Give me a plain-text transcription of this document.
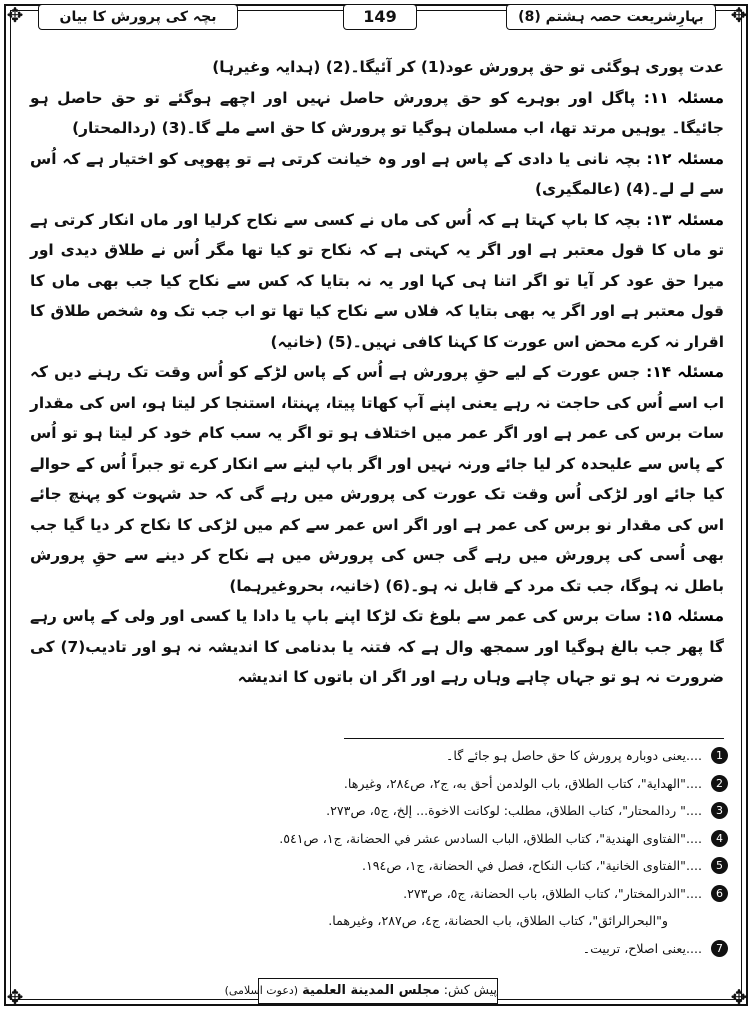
✥	✥
✥	✥
بہارِشریعت حصہ ہشتم (8)
149
بچہ کی پرورش کا بیان

عدت پوری ہوگئی تو حق پرورش عود(1) کر آئیگا۔(2) (ہدایہ وغیرہا)

مسئلہ ۱۱: پاگل اور بوہرے کو حق پرورش حاصل نہیں اور اچھے ہوگئے تو حق حاصل ہو جائیگا۔ یوہیں مرتد تھا، اب مسلمان ہوگیا تو پرورش کا حق اسے ملے گا۔(3) (ردالمحتار)

مسئلہ ۱۲: بچہ نانی یا دادی کے پاس ہے اور وہ خیانت کرتی ہے تو پھوپی کو اختیار ہے کہ اُس سے لے لے۔(4) (عالمگیری)

مسئلہ ۱۳: بچہ کا باپ کہتا ہے کہ اُس کی ماں نے کسی سے نکاح کرلیا اور ماں انکار کرتی ہے تو ماں کا قول معتبر ہے اور اگر یہ کہتی ہے کہ نکاح تو کیا تھا مگر اُس نے طلاق دیدی اور میرا حق عود کر آیا تو اگر اتنا ہی کہا اور یہ نہ بتایا کہ کس سے نکاح کیا جب بھی ماں کا قول معتبر ہے اور اگر یہ بھی بتایا کہ فلاں سے نکاح کیا تھا تو اب جب تک وہ شخص طلاق کا اقرار نہ کرے محض اس عورت کا کہنا کافی نہیں۔(5) (خانیہ)

مسئلہ ۱۴: جس عورت کے لیے حقِ پرورش ہے اُس کے پاس لڑکے کو اُس وقت تک رہنے دیں کہ اب اسے اُس کی حاجت نہ رہے یعنی اپنے آپ کھاتا پیتا، پہنتا، استنجا کر لیتا ہو، اس کی مقدار سات برس کی عمر ہے اور اگر عمر میں اختلاف ہو تو اگر یہ سب کام خود کر لیتا ہو تو اُس کے پاس سے علیحدہ کر لیا جائے ورنہ نہیں اور اگر باپ لینے سے انکار کرے تو جبراً اُس کے حوالے کیا جائے اور لڑکی اُس وقت تک عورت کی پرورش میں رہے گی کہ حد شہوت کو پہنچ جائے اس کی مقدار نو برس کی عمر ہے اور اگر اس عمر سے کم میں لڑکی کا نکاح کر دیا گیا جب بھی اُسی کی پرورش میں رہے گی جس کی پرورش میں ہے نکاح کر دینے سے حقِ پرورش باطل نہ ہوگا، جب تک مرد کے قابل نہ ہو۔(6) (خانیہ، بحروغیرہما)

مسئلہ ۱۵: سات برس کی عمر سے بلوغ تک لڑکا اپنے باپ یا دادا یا کسی اور ولی کے پاس رہے گا پھر جب بالغ ہوگیا اور سمجھ وال ہے کہ فتنہ یا بدنامی کا اندیشہ نہ ہو اور تادیب(7) کی ضرورت نہ ہو تو جہاں چاہے وہاں رہے اور اگر ان باتوں کا اندیشہ

1
....یعنی دوبارہ پرورش کا حق حاصل ہو جائے گا۔
2
...."الهداية"، كتاب الطلاق، باب الولدمن أحق به، ج٢، ص٢٨٤، وغيرها.
3
...." ردالمحتار"، كتاب الطلاق، مطلب: لوكانت الاخوة... إلخ، ج٥، ص٢٧٣.
4
...."الفتاوى الهندية"، كتاب الطلاق، الباب السادس عشر في الحضانة، ج١، ص٥٤١.
5
...."الفتاوى الخانية"، كتاب النكاح، فصل في الحضانة، ج١، ص١٩٤.
6
...."الدرالمختار"، كتاب الطلاق، باب الحضانة، ج٥، ص٢٧٣.
و"البحرالرائق"، كتاب الطلاق، باب الحضانة، ج٤، ص٢٨٧، وغيرهما.
7
....یعنی اصلاح، تربیت۔
پیش کش: مجلس المدینة العلمیة (دعوت اسلامی)
